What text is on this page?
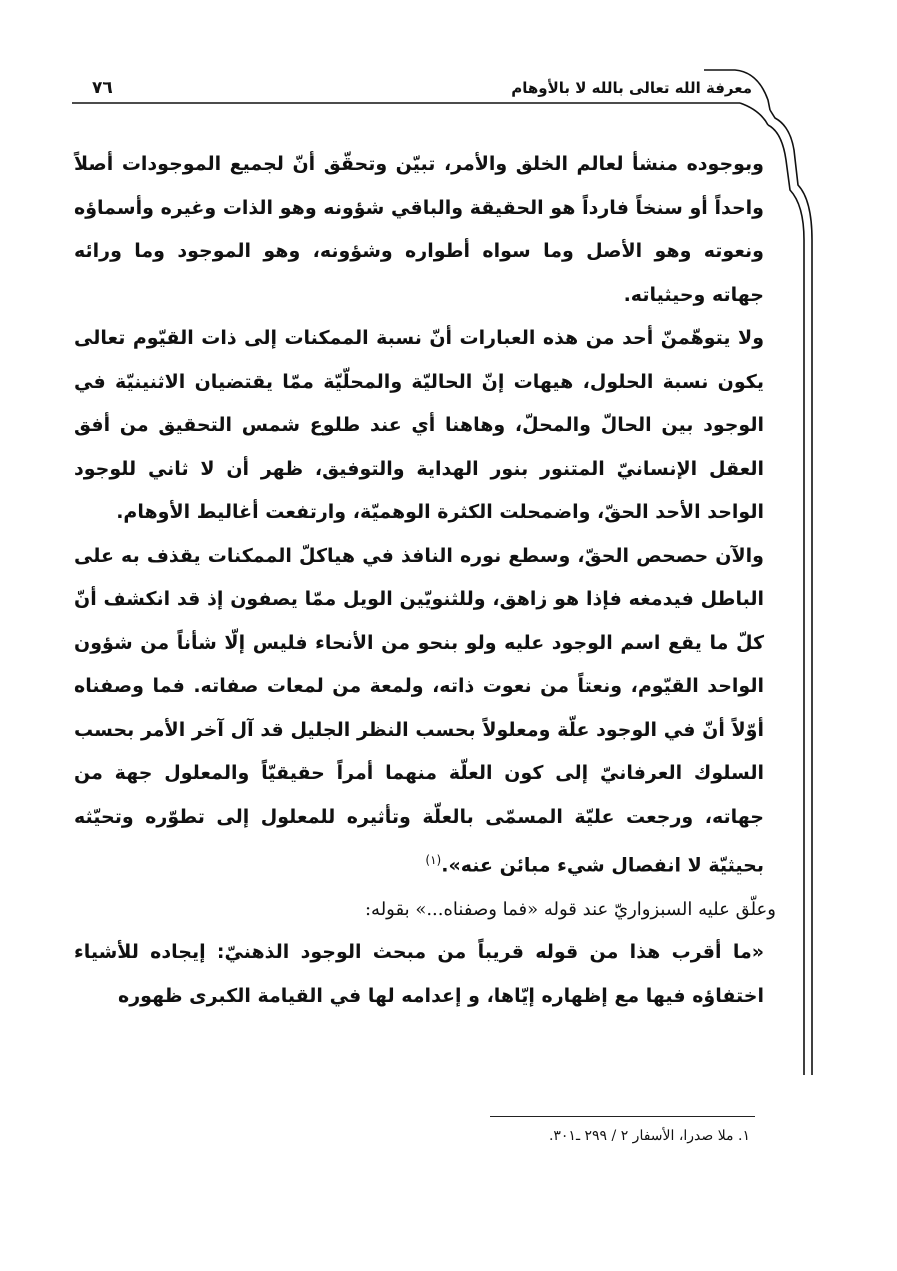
معرفة الله تعالى بالله لا بالأوهام
٧٦

وبوجوده منشأ لعالم الخلق والأمر، تبيّن وتحقّق أنّ لجميع الموجودات أصلاً واحداً أو سنخاً فارداً هو الحقيقة والباقي شؤونه وهو الذات وغيره وأسماؤه ونعوته وهو الأصل وما سواه أطواره وشؤونه، وهو الموجود وما ورائه جهاته وحيثياته.

ولا يتوهّمنّ أحد من هذه العبارات أنّ نسبة الممكنات إلى ذات القيّوم تعالى يكون نسبة الحلول، هيهات إنّ الحاليّة والمحلّيّة ممّا يقتضيان الاثنينيّة في الوجود بين الحالّ والمحلّ، وهاهنا أي عند طلوع شمس التحقيق من أفق العقل الإنسانيّ المتنور بنور الهداية والتوفيق، ظهر أن لا ثاني للوجود الواحد الأحد الحقّ، واضمحلت الكثرة الوهميّة، وارتفعت أغاليط الأوهام.

والآن حصحص الحقّ، وسطع نوره النافذ في هياكلّ الممكنات يقذف به على الباطل فيدمغه فإذا هو زاهق، وللثنويّين الويل ممّا يصفون إذ قد انكشف أنّ كلّ ما يقع اسم الوجود عليه ولو بنحو من الأنحاء فليس إلّا شأناً من شؤون الواحد القيّوم، ونعتاً من نعوت ذاته، ولمعة من لمعات صفاته. فما وصفناه أوّلاً أنّ في الوجود علّة ومعلولاً بحسب النظر الجليل قد آل آخر الأمر بحسب السلوك العرفانيّ إلى كون العلّة منهما أمراً حقيقيّاً والمعلول جهة من جهاته، ورجعت عليّة المسمّى بالعلّة وتأثيره للمعلول إلى تطوّره وتحيّثه بحيثيّة لا انفصال شيء مبائن عنه».$^{(١)}$

وعلّق عليه السبزواريّ عند قوله «فما وصفناه...» بقوله:

«ما أقرب هذا من قوله قريباً من مبحث الوجود الذهنيّ: إيجاده للأشياء اختفاؤه فيها مع إظهاره إيّاها، و إعدامه لها في القيامة الكبرى ظهوره

١. ملا صدرا، الأسفار ٢ / ٢٩٩ ـ٣٠١.
